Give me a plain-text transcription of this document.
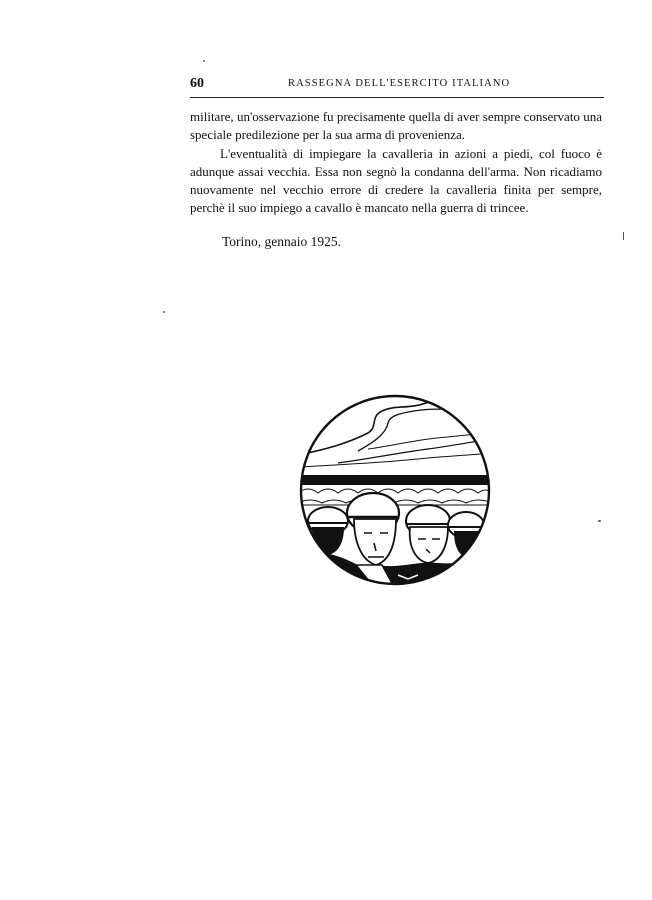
60	RASSEGNA DELL'ESERCITO ITALIANO

militare, un'osservazione fu precisamente quella di aver sempre conservato una speciale predilezione per la sua arma di provenienza.

L'eventualità di impiegare la cavalleria in azioni a piedi, col fuoco è adunque assai vecchia. Essa non segnò la condanna dell'arma. Non ricadiamo nuovamente nel vecchio errore di credere la cavalleria finita per sempre, perchè il suo impiego a cavallo è mancato nella guerra di trincee.

Torino, gennaio 1925.
